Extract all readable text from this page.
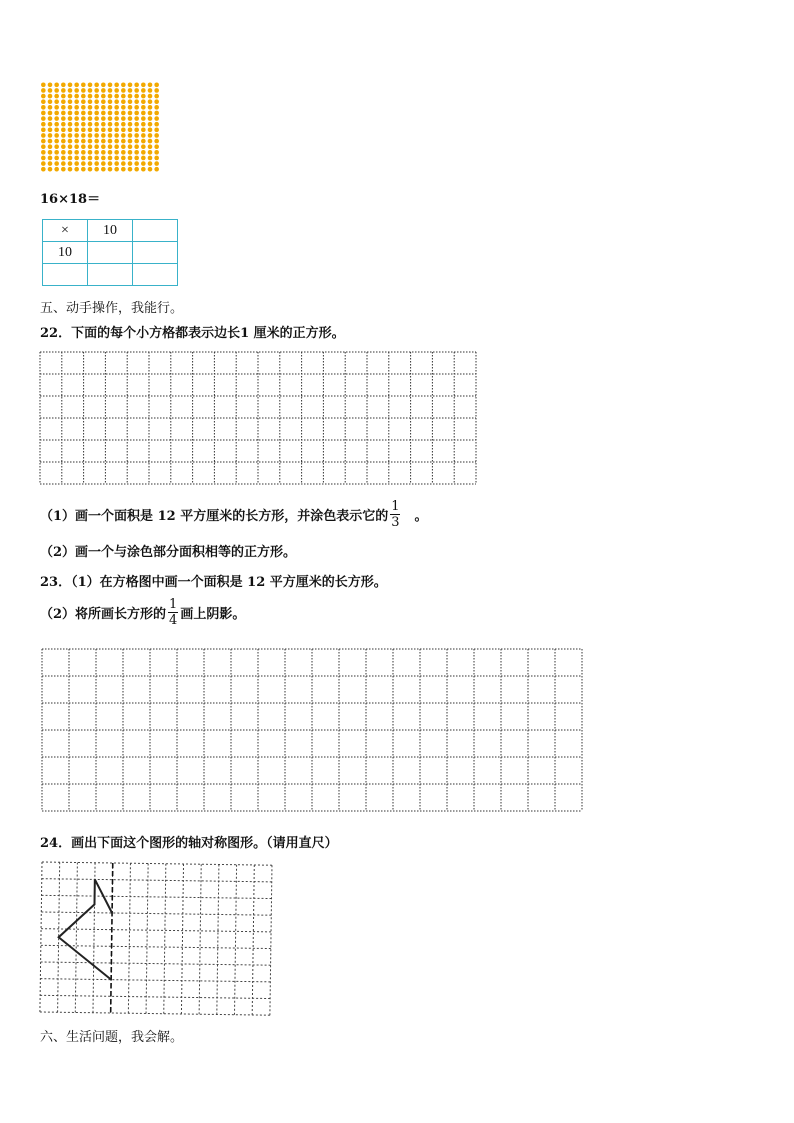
16×18＝
×	10	
10		

五、动手操作，我能行。
22．下面的每个小方格都表示边长1 厘米的正方形。
（1）画一个面积是 12 平方厘米的长方形，并涂色表示它的 $\frac{1}{3}$ 。
（2）画一个与涂色部分面积相等的正方形。
23．（1）在方格图中画一个面积是 12 平方厘米的长方形。
（2）将所画长方形的 $\frac{1}{4}$ 画上阴影。
24．画出下面这个图形的轴对称图形。（请用直尺）
六、生活问题，我会解。
